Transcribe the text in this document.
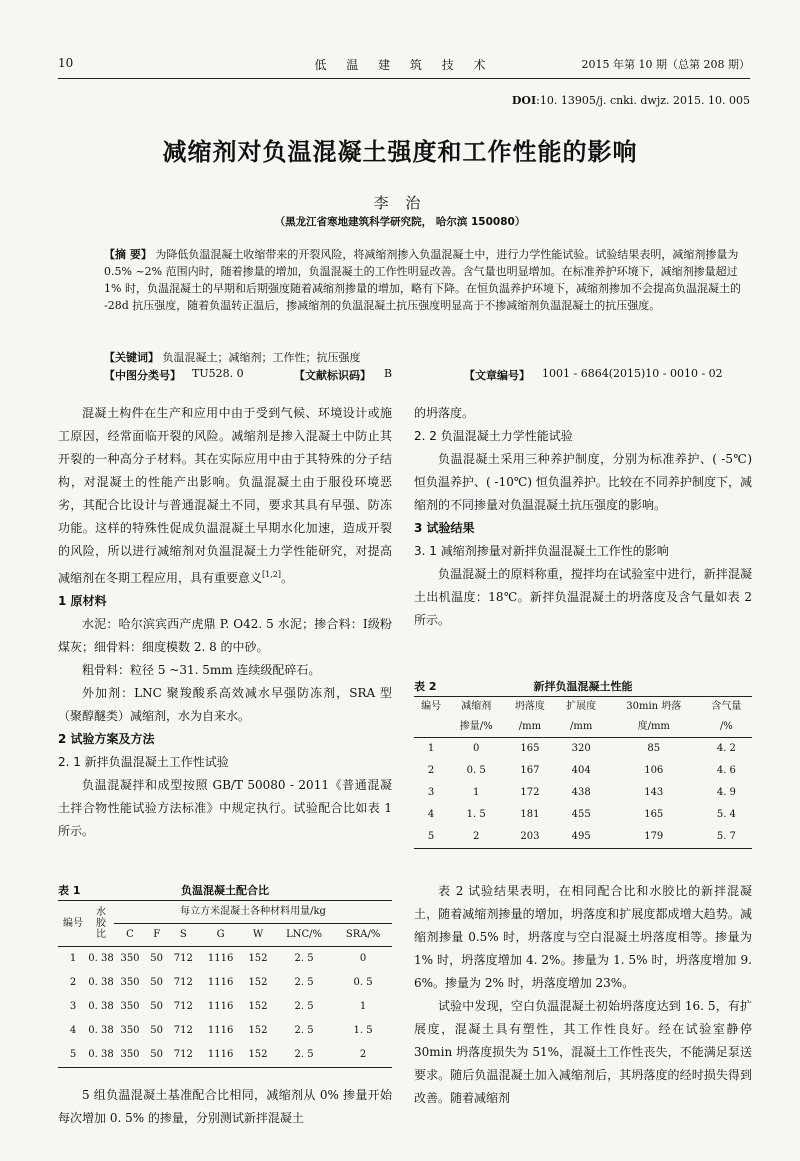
10	低 温 建 筑 技 术	2015 年第 10 期（总第 208 期）
DOI:10. 13905/j. cnki. dwjz. 2015. 10. 005
减缩剂对负温混凝土强度和工作性能的影响
李 治
（黑龙江省寒地建筑科学研究院， 哈尔滨 150080）
【摘 要】 为降低负温混凝土收缩带来的开裂风险，将减缩剂掺入负温混凝土中，进行力学性能试验。试验结果表明，减缩剂掺量为 0.5% ~2% 范围内时，随着掺量的增加，负温混凝土的工作性明显改善。含气量也明显增加。在标准养护环境下，减缩剂掺量超过 1% 时，负温混凝土的早期和后期强度随着减缩剂掺量的增加，略有下降。在恒负温养护环境下，减缩剂掺加不会提高负温混凝土的 -28d 抗压强度，随着负温转正温后，掺减缩剂的负温混凝土抗压强度明显高于不掺减缩剂负温混凝土的抗压强度。
【关键词】 负温混凝土；减缩剂；工作性；抗压强度
【中图分类号】 TU528. 0	【文献标识码】 B	【文章编号】 1001 - 6864(2015)10 - 0010 - 02

混凝土构件在生产和应用中由于受到气候、环境设计或施工原因，经常面临开裂的风险。减缩剂是掺入混凝土中防止其开裂的一种高分子材料。其在实际应用中由于其特殊的分子结构，对混凝土的性能产出影响。负温混凝土由于服役环境恶劣，其配合比设计与普通混凝土不同，要求其具有早强、防冻功能。这样的特殊性促成负温混凝土早期水化加速，造成开裂的风险，所以进行减缩剂对负温混凝土力学性能研究，对提高减缩剂在冬期工程应用，具有重要意义[1,2]。

1 原材料

水泥：哈尔滨宾西产虎鼎 P. O42. 5 水泥；掺合料：Ⅰ级粉煤灰；细骨料：细度模数 2. 8 的中砂。

粗骨料：粒径 5 ~31. 5mm 连续级配碎石。

外加剂：LNC 聚羧酸系高效减水早强防冻剂，SRA 型（聚醇醚类）减缩剂，水为自来水。

2 试验方案及方法
2. 1 新拌负温混凝土工作性试验

负温混凝拌和成型按照 GB/T 50080 - 2011《普通混凝土拌合物性能试验方法标准》中规定执行。试验配合比如表 1 所示。

表 1	负温混凝土配合比
编号	水
胶
比	每立方米混凝土各种材料用量/kg						
		C	F	S	G	W	LNC/%	SRA/%
1	0. 38	350	50	712	1116	152	2. 5	0
2	0. 38	350	50	712	1116	152	2. 5	0. 5
3	0. 38	350	50	712	1116	152	2. 5	1
4	0. 38	350	50	712	1116	152	2. 5	1. 5
5	0. 38	350	50	712	1116	152	2. 5	2

5 组负温混凝土基准配合比相同，减缩剂从 0% 掺量开始每次增加 0. 5% 的掺量，分别测试新拌混凝土

的坍落度。

2. 2 负温混凝土力学性能试验

负温混凝土采用三种养护制度，分别为标准养护、( -5℃) 恒负温养护、( -10℃) 恒负温养护。比较在不同养护制度下，减缩剂的不同掺量对负温混凝土抗压强度的影响。

3 试验结果
3. 1 减缩剂掺量对新拌负温混凝土工作性的影响

负温混凝土的原料称重，搅拌均在试验室中进行，新拌混凝土出机温度：18℃。新拌负温混凝土的坍落度及含气量如表 2 所示。

表 2	新拌负温混凝土性能
编号	减缩剂	坍落度	扩展度	30min 坍落	含气量
	掺量/%	/mm	/mm	度/mm	/%
1	0	165	320	85	4. 2
2	0. 5	167	404	106	4. 6
3	1	172	438	143	4. 9
4	1. 5	181	455	165	5. 4
5	2	203	495	179	5. 7

表 2 试验结果表明，在相同配合比和水胶比的新拌混凝土，随着减缩剂掺量的增加，坍落度和扩展度都成增大趋势。减缩剂掺量 0.5% 时，坍落度与空白混凝土坍落度相等。掺量为 1% 时，坍落度增加 4. 2%。掺量为 1. 5% 时，坍落度增加 9. 6%。掺量为 2% 时，坍落度增加 23%。

试验中发现，空白负温混凝土初始坍落度达到 16. 5，有扩展度，混凝土具有塑性，其工作性良好。经在试验室静停 30min 坍落度损失为 51%，混凝土工作性丧失，不能满足泵送要求。随后负温混凝土加入减缩剂后，其坍落度的经时损失得到改善。随着减缩剂
